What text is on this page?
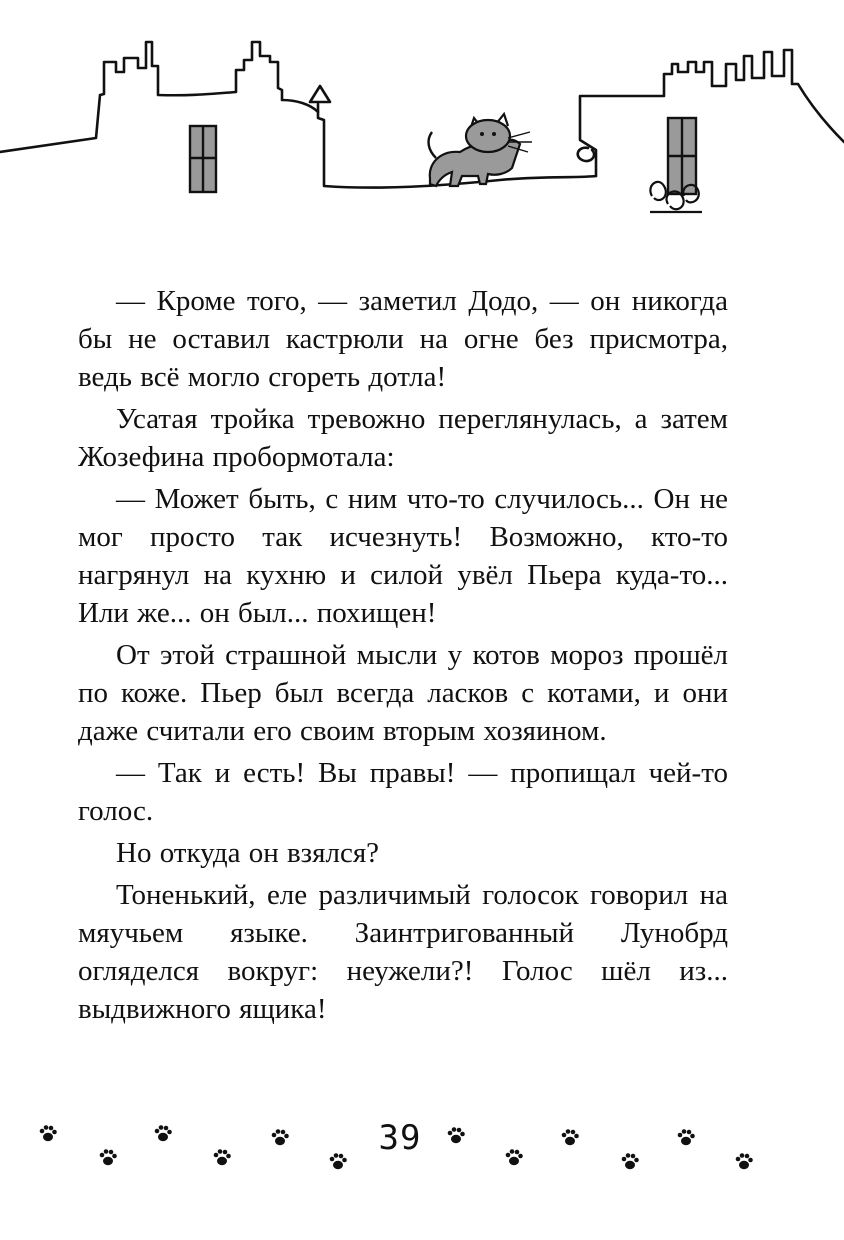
— Кроме того, — заметил Додо, — он никогда бы не оставил кастрюли на огне без присмотра, ведь всё могло сгореть дотла!

Усатая тройка тревожно переглянулась, а затем Жозефина пробормотала:

— Может быть, с ним что-то случилось... Он не мог просто так исчезнуть! Возможно, кто-то нагрянул на кухню и силой увёл Пьера куда-то... Или же... он был... похищен!

От этой страшной мысли у котов мороз прошёл по коже. Пьер был всегда ласков с котами, и они даже считали его своим вторым хозяином.

— Так и есть! Вы правы! — пропищал чей-то голос.

Но откуда он взялся?

Тоненький, еле различимый голосок говорил на мяучьем языке. Заинтригованный Лунобрд огляделся вокруг: неужели?! Голос шёл из... выдвижного ящика!

39
